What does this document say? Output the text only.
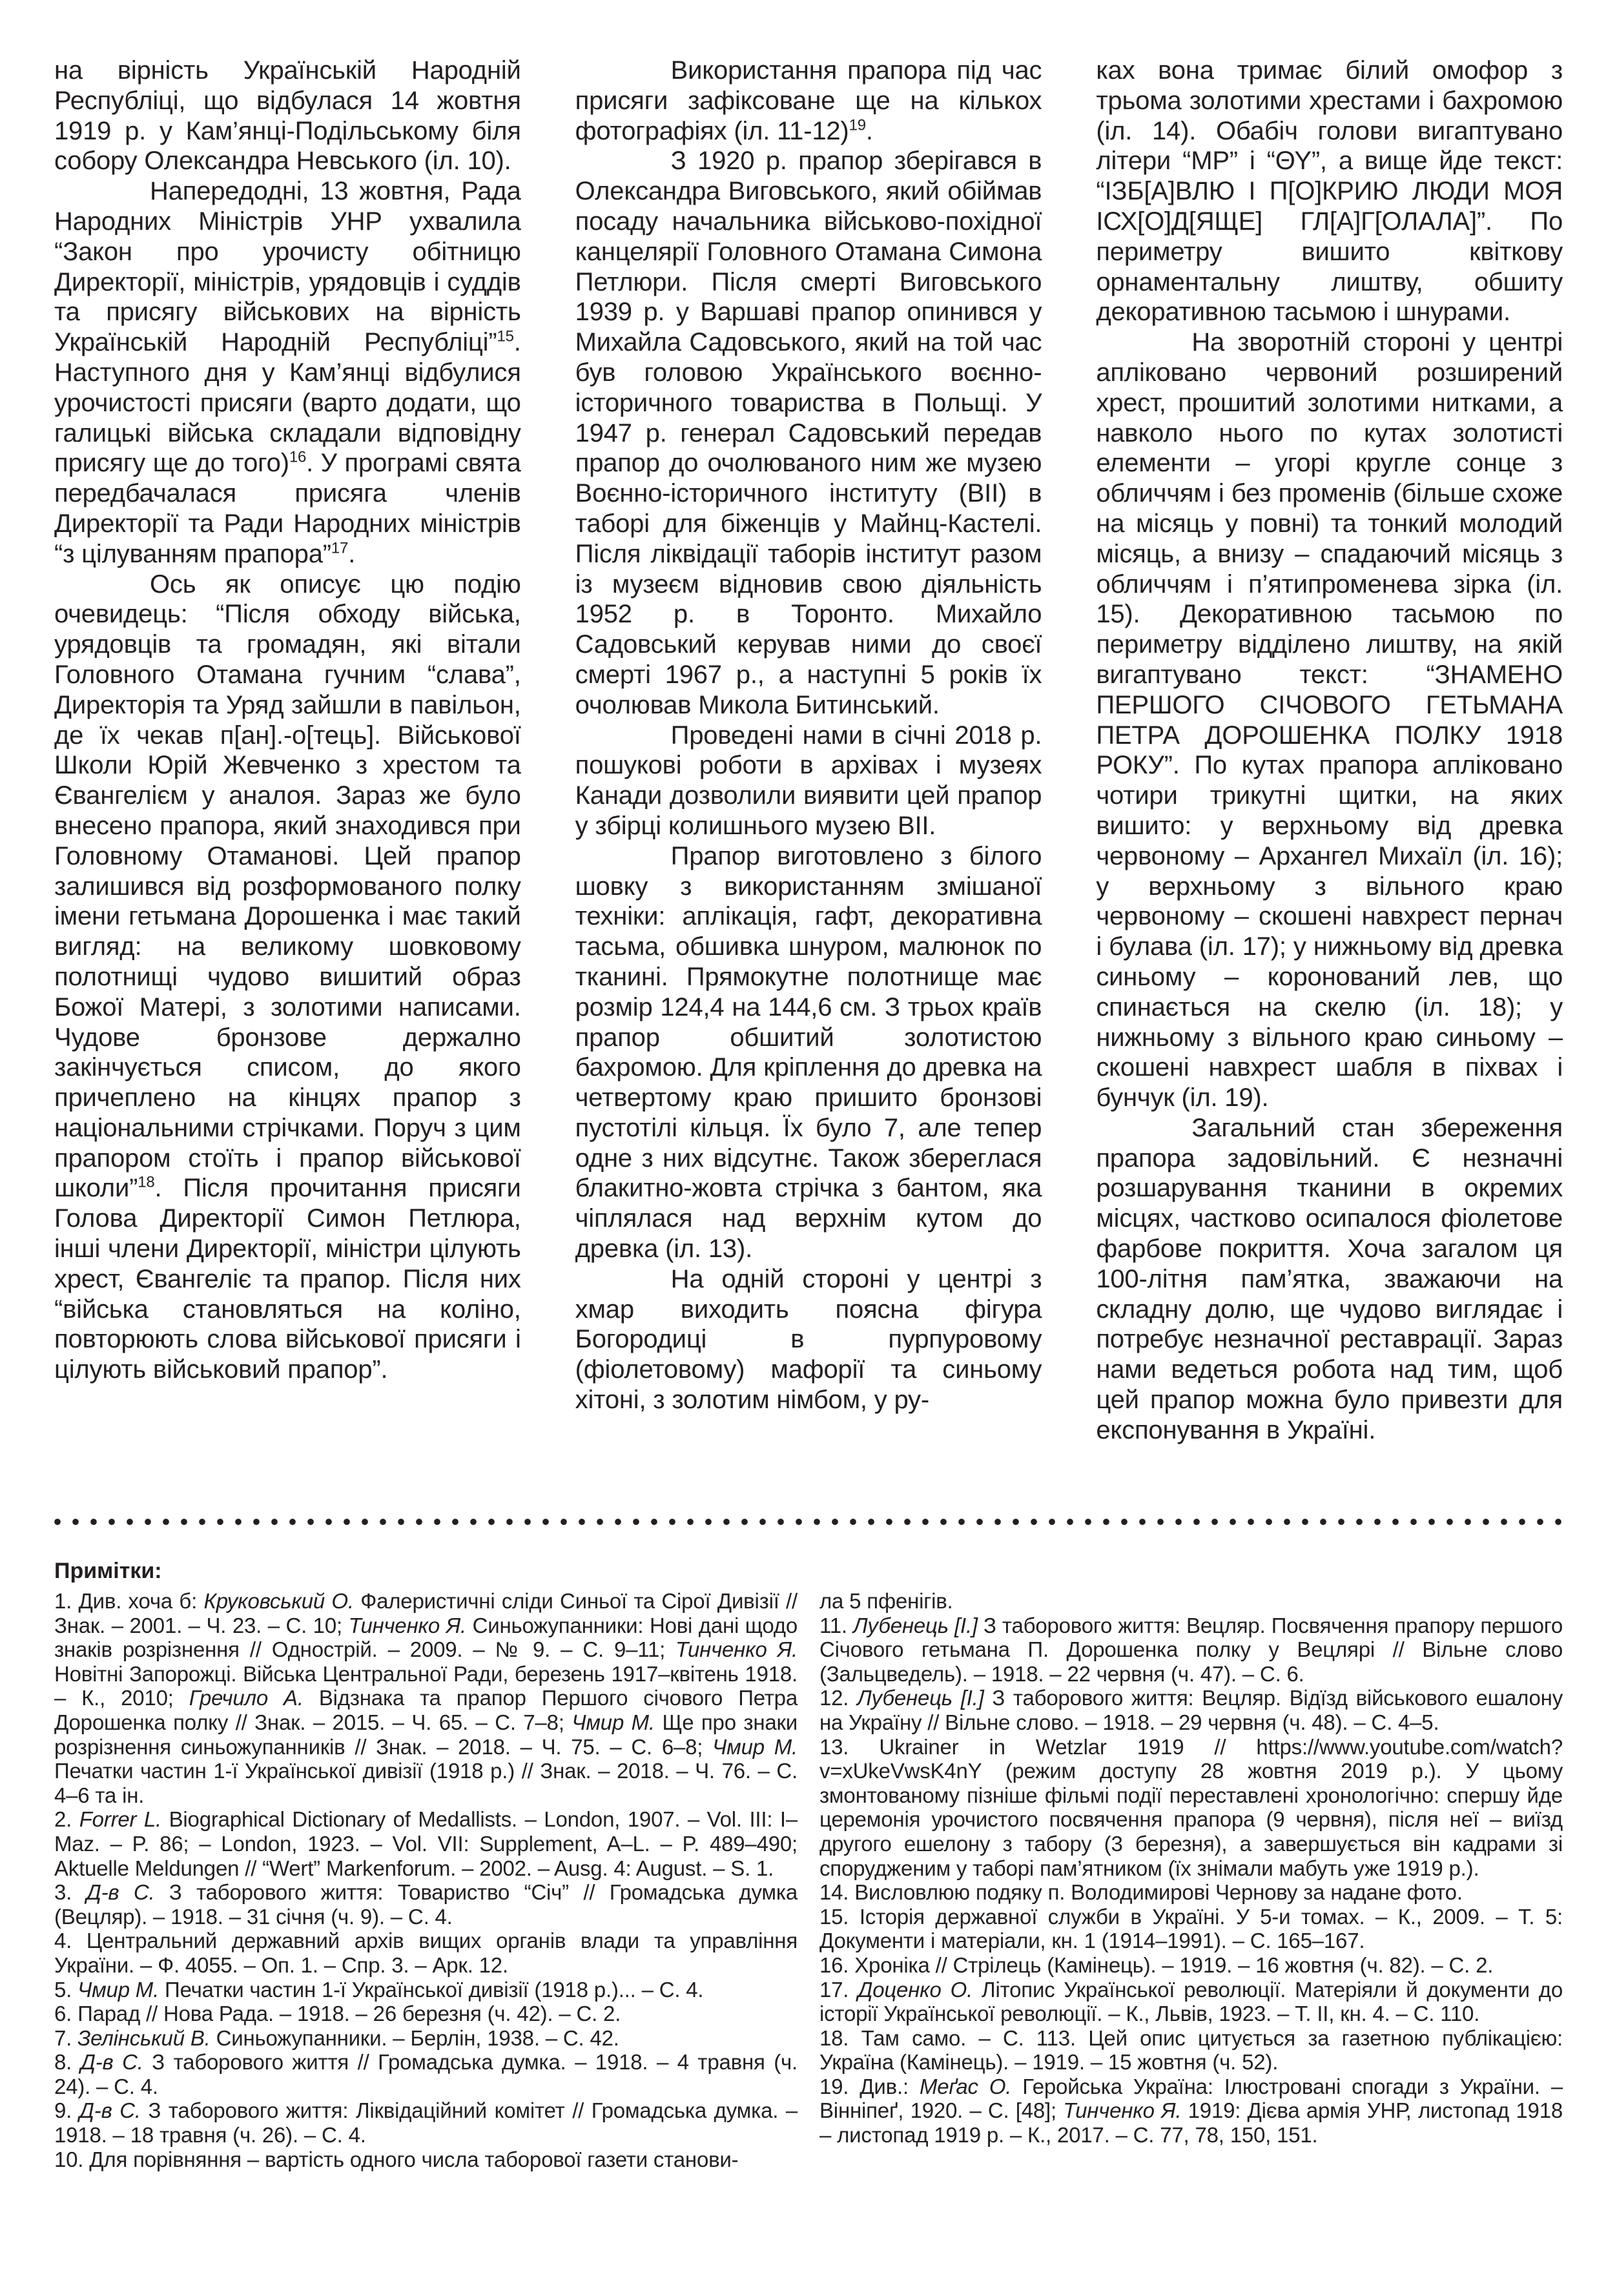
на вірність Українській Народній Республіці, що відбулася 14 жовтня 1919 р. у Кам’янці-Подільському біля собору Олександра Невського (іл. 10).

Напередодні, 13 жовтня, Рада Народних Міністрів УНР ухвалила “Закон про урочисту обітницю Директорії, міністрів, урядовців і суддів та присягу військових на вірність Українській Народній Республіці”$^{15}$. Наступного дня у Кам’янці відбулися урочистості присяги (варто додати, що галицькі війська складали відповідну присягу ще до того)$^{16}$. У програмі свята передбачалася присяга членів Директорії та Ради Народних міністрів “з цілуванням прапора”$^{17}$.

Ось як описує цю подію очевидець: “Після обходу війська, урядовців та громадян, які вітали Головного Отамана гучним “слава”, Директорія та Уряд зайшли в павільон, де їх чекав п[ан].-о[тець]. Військової Школи Юрій Жевченко з хрестом та Євангелієм у аналоя. Зараз же було внесено прапора, який знаходився при Головному Отаманові. Цей прапор залишився від розформованого полку імени гетьмана Дорошенка і має такий вигляд: на великому шовковому полотнищі чудово вишитий образ Божої Матері, з золотими написами. Чудове бронзове держално закінчується списом, до якого причеплено на кінцях прапор з національними стрічками. Поруч з цим прапором стоїть і прапор військової школи”$^{18}$. Після прочитання присяги Голова Директорії Симон Петлюра, інші члени Директорії, міністри цілують хрест, Євангеліє та прапор. Після них “війська становляться на коліно, повторюють слова військової присяги і цілують військовий прапор”.

Використання прапора під час присяги зафіксоване ще на кількох фотографіях (іл. 11-12)$^{19}$.

З 1920 р. прапор зберігався в Олександра Виговського, який обіймав посаду начальника військово-похідної канцелярії Головного Отамана Симона Петлюри. Після смерті Виговського 1939 р. у Варшаві прапор опинився у Михайла Садовського, який на той час був головою Українського воєнно-історичного товариства в Польщі. У 1947 р. генерал Садовський передав прапор до очолюваного ним же музею Воєнно-історичного інституту (ВІІ) в таборі для біженців у Майнц-Кастелі. Після ліквідації таборів інститут разом із музеєм відновив свою діяльність 1952 р. в Торонто. Михайло Садовський керував ними до своєї смерті 1967 р., а наступні 5 років їх очолював Микола Битинський.

Проведені нами в січні 2018 р. пошукові роботи в архівах і музеях Канади дозволили виявити цей прапор у збірці колишнього музею ВІІ.

Прапор виготовлено з білого шовку з використанням змішаної техніки: аплікація, гафт, декоративна тасьма, обшивка шнуром, малюнок по тканині. Прямокутне полотнище має розмір 124,4 на 144,6 см. З трьох країв прапор обшитий золотистою бахромою. Для кріплення до древка на четвертому краю пришито бронзові пустотілі кільця. Їх було 7, але тепер одне з них відсутнє. Також збереглася блакитно-жовта стрічка з бантом, яка чіплялася над верхнім кутом до древка (іл. 13).

На одній стороні у центрі з хмар виходить поясна фігура Богородиці в пурпуровому (фіолетовому) мафорії та синьому хітоні, з золотим німбом, у ру-

ках вона тримає білий омофор з трьома золотими хрестами і бахромою (іл. 14). Обабіч голови вигаптувано літери “МР” і “ΘΥ”, а вище йде текст: “ІЗБ[А]ВЛЮ І П[О]КРИЮ ЛЮДИ МОЯ ІСХ[О]Д[ЯЩЕ] ГЛ[А]Г[ОЛАЛА]”. По периметру вишито квіткову орнаментальну лиштву, обшиту декоративною тасьмою і шнурами.

На зворотній стороні у центрі апліковано червоний розширений хрест, прошитий золотими нитками, а навколо нього по кутах золотисті елементи – угорі кругле сонце з обличчям і без променів (більше схоже на місяць у повні) та тонкий молодий місяць, а внизу – спадаючий місяць з обличчям і п’ятипроменева зірка (іл. 15). Декоративною тасьмою по периметру відділено лиштву, на якій вигаптувано текст: “ЗНАМЕНО ПЕРШОГО СІЧОВОГО ГЕТЬМАНА ПЕТРА ДОРОШЕНКА ПОЛКУ 1918 РОКУ”. По кутах прапора апліковано чотири трикутні щитки, на яких вишито: у верхньому від древка червоному – Архангел Михаїл (іл. 16); у верхньому з вільного краю червоному – скошені навхрест пернач і булава (іл. 17); у нижньому від древка синьому – коронований лев, що спинається на скелю (іл. 18); у нижньому з вільного краю синьому – скошені навхрест шабля в піхвах і бунчук (іл. 19).

Загальний стан збереження прапора задовільний. Є незначні розшарування тканини в окремих місцях, частково осипалося фіолетове фарбове покриття. Хоча загалом ця 100-літня пам’ятка, зважаючи на складну долю, ще чудово виглядає і потребує незначної реставрації. Зараз нами ведеться робота над тим, щоб цей прапор можна було привезти для експонування в Україні.

Примітки:

1. Див. хоча б: Круковський О. Фалеристичні сліди Синьої та Сірої Дивізії // Знак. – 2001. – Ч. 23. – С. 10; Тинченко Я. Синьожупанники: Нові дані щодо знаків розрізнення // Однострій. – 2009. – № 9. – С. 9–11; Тинченко Я. Новітні Запорожці. Війська Центральної Ради, березень 1917–квітень 1918. – К., 2010; Гречило А. Відзнака та прапор Першого січового Петра Дорошенка полку // Знак. – 2015. – Ч. 65. – С. 7–8; Чмир М. Ще про знаки розрізнення синьожупанників // Знак. – 2018. – Ч. 75. – С. 6–8; Чмир М. Печатки частин 1-ї Української дивізії (1918 р.) // Знак. – 2018. – Ч. 76. – С. 4–6 та ін.

2. Forrer L. Biographical Dictionary of Medallists. – London, 1907. – Vol. III: I–Maz. – P. 86; – London, 1923. – Vol. VII: Supplement, A–L. – P. 489–490; Aktuelle Meldungen // “Wert” Markenforum. – 2002. – Ausg. 4: August. – S. 1.

3. Д-в С. З таборового життя: Товариство “Січ” // Громадська думка (Вецляр). – 1918. – 31 січня (ч. 9). – С. 4.

4. Центральний державний архів вищих органів влади та управління України. – Ф. 4055. – Оп. 1. – Спр. 3. – Арк. 12.

5. Чмир М. Печатки частин 1-ї Української дивізії (1918 р.)... – С. 4.

6. Парад // Нова Рада. – 1918. – 26 березня (ч. 42). – С. 2.

7. Зелінський В. Синьожупанники. – Берлін, 1938. – С. 42.

8. Д-в С. З таборового життя // Громадська думка. – 1918. – 4 травня (ч. 24). – С. 4.

9. Д-в С. З таборового життя: Ліквідаційний комітет // Громадська думка. – 1918. – 18 травня (ч. 26). – С. 4.

10. Для порівняння – вартість одного числа таборової газети станови-

ла 5 пфенігів.

11. Лубенець [І.] З таборового життя: Вецляр. Посвячення прапору першого Січового гетьмана П. Дорошенка полку у Вецлярі // Вільне слово (Зальцведель). – 1918. – 22 червня (ч. 47). – С. 6.

12. Лубенець [І.] З таборового життя: Вецляр. Відїзд військового ешалону на Україну // Вільне слово. – 1918. – 29 червня (ч. 48). – С. 4–5.

13. Ukrainer in Wetzlar 1919 // https://www.youtube.com/watch?v=xUkeVwsK4nY (режим доступу 28 жовтня 2019 р.). У цьому змонтованому пізніше фільмі події переставлені хронологічно: спершу йде церемонія урочистого посвячення прапора (9 червня), після неї – виїзд другого ешелону з табору (3 березня), а завершується він кадрами зі спорудженим у таборі пам’ятником (їх знімали мабуть уже 1919 р.).

14. Висловлюю подяку п. Володимирові Чернову за надане фото.

15. Історія державної служби в Україні. У 5-и томах. – К., 2009. – Т. 5: Документи і матеріали, кн. 1 (1914–1991). – С. 165–167.

16. Хроніка // Стрілець (Камінець). – 1919. – 16 жовтня (ч. 82). – С. 2.

17. Доценко О. Літопис Української революції. Матеріяли й документи до історії Української революції. – К., Львів, 1923. – Т. ІІ, кн. 4. – С. 110.

18. Там само. – С. 113. Цей опис цитується за газетною публікацією: Україна (Камінець). – 1919. – 15 жовтня (ч. 52).

19. Див.: Меґас О. Геройська Україна: Ілюстровані спогади з України. – Вінніпеґ, 1920. – С. [48]; Тинченко Я. 1919: Дієва армія УНР, листопад 1918 – листопад 1919 р. – К., 2017. – С. 77, 78, 150, 151.
